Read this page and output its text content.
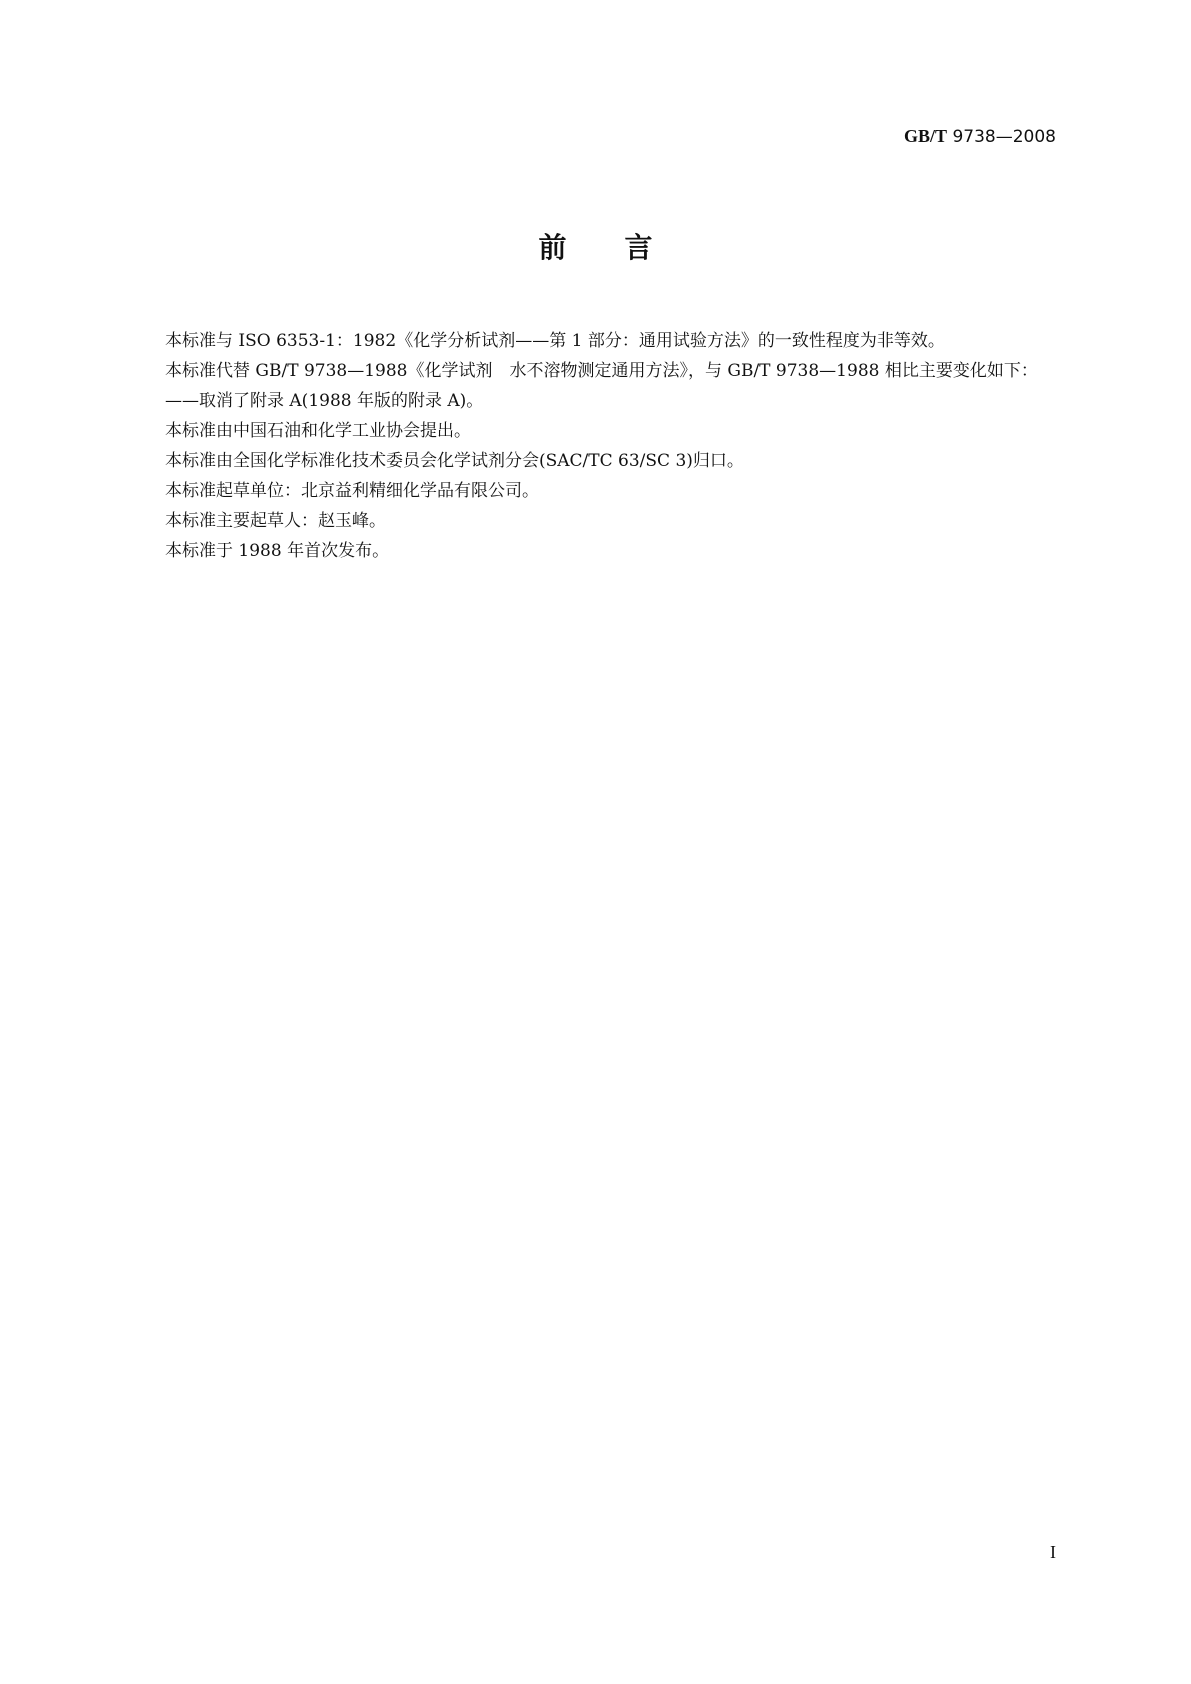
GB/T 9738—2008
前言

本标准与 ISO 6353-1：1982《化学分析试剂——第 1 部分：通用试验方法》的一致性程度为非等效。

本标准代替 GB/T 9738—1988《化学试剂　水不溶物测定通用方法》，与 GB/T 9738—1988 相比主要变化如下：

——取消了附录 A(1988 年版的附录 A)。

本标准由中国石油和化学工业协会提出。

本标准由全国化学标准化技术委员会化学试剂分会(SAC/TC 63/SC 3)归口。

本标准起草单位：北京益利精细化学品有限公司。

本标准主要起草人：赵玉峰。

本标准于 1988 年首次发布。

I
